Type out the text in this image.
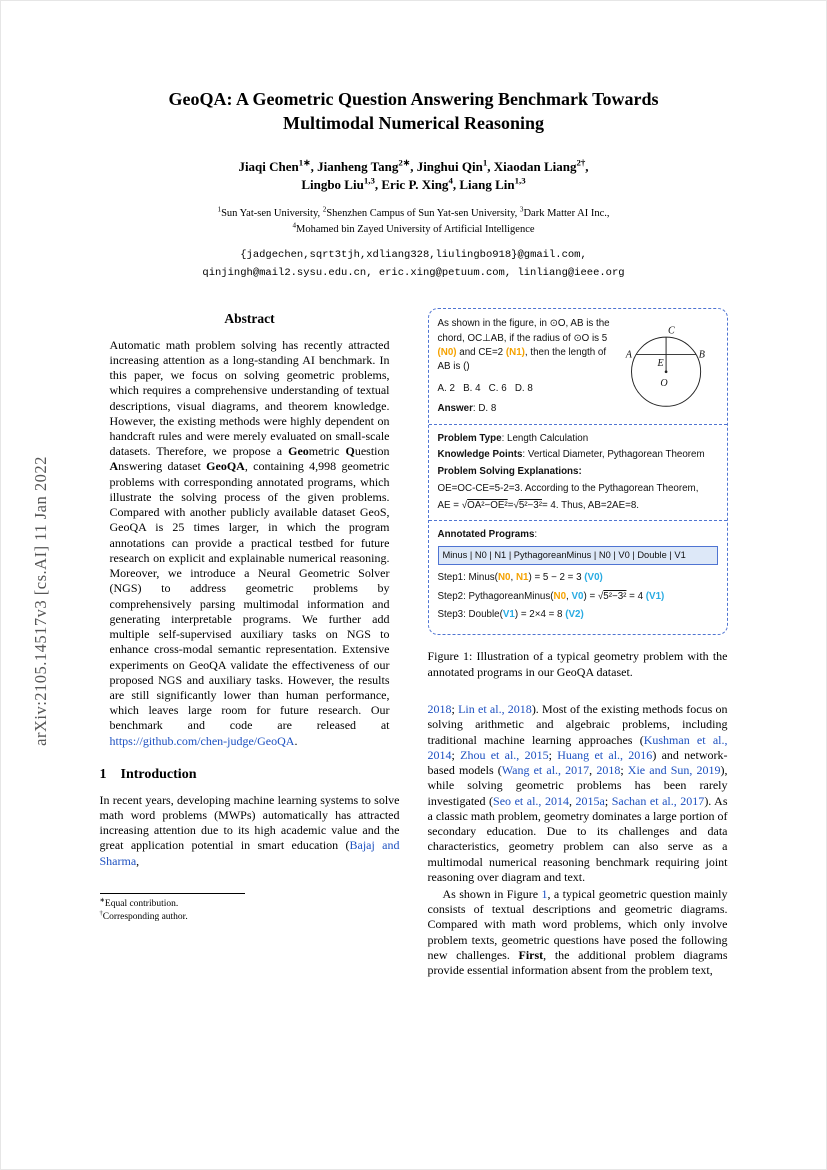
arXiv:2105.14517v3 [cs.AI] 11 Jan 2022
GeoQA: A Geometric Question Answering Benchmark Towards
Multimodal Numerical Reasoning
Jiaqi Chen$^{1∗}$, Jianheng Tang$^{2∗}$, Jinghui Qin$^1$, Xiaodan Liang$^{2\dagger}$,
Lingbo Liu$^{1,3}$, Eric P. Xing$^4$, Liang Lin$^{1,3}$
$^1$Sun Yat-sen University, $^2$Shenzhen Campus of Sun Yat-sen University, $^3$Dark Matter AI Inc.,
$^4$Mohamed bin Zayed University of Artificial Intelligence
{jadgechen,sqrt3tjh,xdliang328,liulingbo918}@gmail.com,
qinjingh@mail2.sysu.edu.cn, eric.xing@petuum.com, linliang@ieee.org
Abstract

Automatic math problem solving has recently attracted increasing attention as a long-standing AI benchmark. In this paper, we focus on solving geometric problems, which requires a comprehensive understanding of textual descriptions, visual diagrams, and theorem knowledge. However, the existing methods were highly dependent on handcraft rules and were merely evaluated on small-scale datasets. Therefore, we propose a Geometric Question Answering dataset GeoQA, containing 4,998 geometric problems with corresponding annotated programs, which illustrate the solving process of the given problems. Compared with another publicly available dataset GeoS, GeoQA is 25 times larger, in which the program annotations can provide a practical testbed for future research on explicit and explainable numerical reasoning. Moreover, we introduce a Neural Geometric Solver (NGS) to address geometric problems by comprehensively parsing multimodal information and generating interpretable programs. We further add multiple self-supervised auxiliary tasks on NGS to enhance cross-modal semantic representation. Extensive experiments on GeoQA validate the effectiveness of our proposed NGS and auxiliary tasks. However, the results are still significantly lower than human performance, which leaves large room for future research. Our benchmark and code are released at https://github.com/chen-judge/GeoQA.

1 Introduction

In recent years, developing machine learning systems to solve math word problems (MWPs) automatically has attracted increasing attention due to its high academic value and the great application potential in smart education (Bajaj and Sharma,

∗Equal contribution.
†Corresponding author.
As shown in the figure, in ⊙O, AB is the chord, OC⊥AB, if the radius of ⊙O is 5 (N0) and CE=2 (N1), then the length of AB is ()
A. 2   B. 4   C. 6   D. 8
Answer: D. 8
A	B
C
E
O
Problem Type: Length Calculation
Knowledge Points: Vertical Diameter, Pythagorean Theorem
Problem Solving Explanations:
OE=OC-CE=5-2=3. According to the Pythagorean Theorem,
AE = √OA²−OE²=√5²−3²= 4. Thus, AB=2AE=8.
Annotated Programs:
Minus | N0 | N1 | PythagoreanMinus | N0 | V0 | Double | V1
Step1: Minus(N0, N1) = 5 − 2 = 3 (V0)
Step2: PythagoreanMinus(N0, V0) = √5²−3² = 4 (V1)
Step3: Double(V1) = 2×4 = 8 (V2)
Figure 1: Illustration of a typical geometry problem with the annotated programs in our GeoQA dataset.

2018; Lin et al., 2018). Most of the existing methods focus on solving arithmetic and algebraic problems, including traditional machine learning approaches (Kushman et al., 2014; Zhou et al., 2015; Huang et al., 2016) and network-based models (Wang et al., 2017, 2018; Xie and Sun, 2019), while solving geometric problems has been rarely investigated (Seo et al., 2014, 2015a; Sachan et al., 2017). As a classic math problem, geometry dominates a large portion of secondary education. Due to its challenges and data characteristics, geometry problem can also serve as a multimodal numerical reasoning benchmark requiring joint reasoning over diagram and text.

As shown in Figure 1, a typical geometric question mainly consists of textual descriptions and geometric diagrams. Compared with math word problems, which only involve problem texts, geometric questions have posed the following new challenges. First, the additional problem diagrams provide essential information absent from the problem text,
